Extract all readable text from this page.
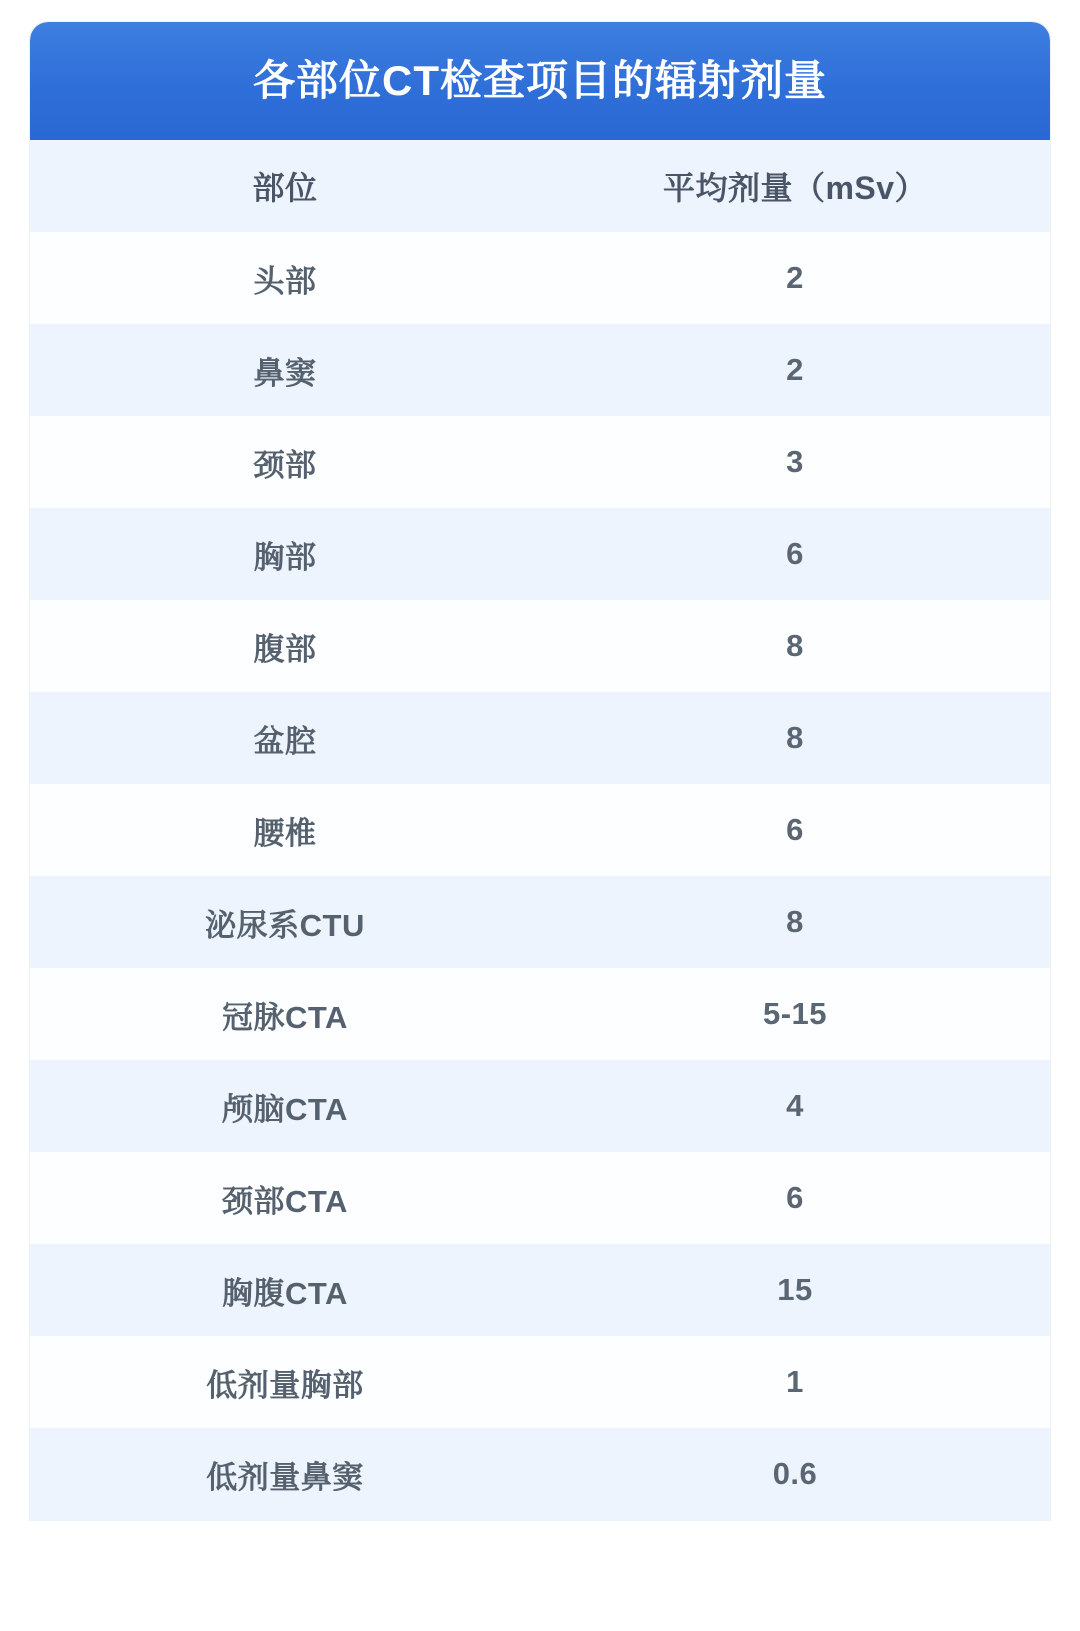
各部位CT检查项目的辐射剂量
部位	平均剂量（mSv）
头部	2
鼻窦	2
颈部	3
胸部	6
腹部	8
盆腔	8
腰椎	6
泌尿系CTU	8
冠脉CTA	5-15
颅脑CTA	4
颈部CTA	6
胸腹CTA	15
低剂量胸部	1
低剂量鼻窦	0.6
